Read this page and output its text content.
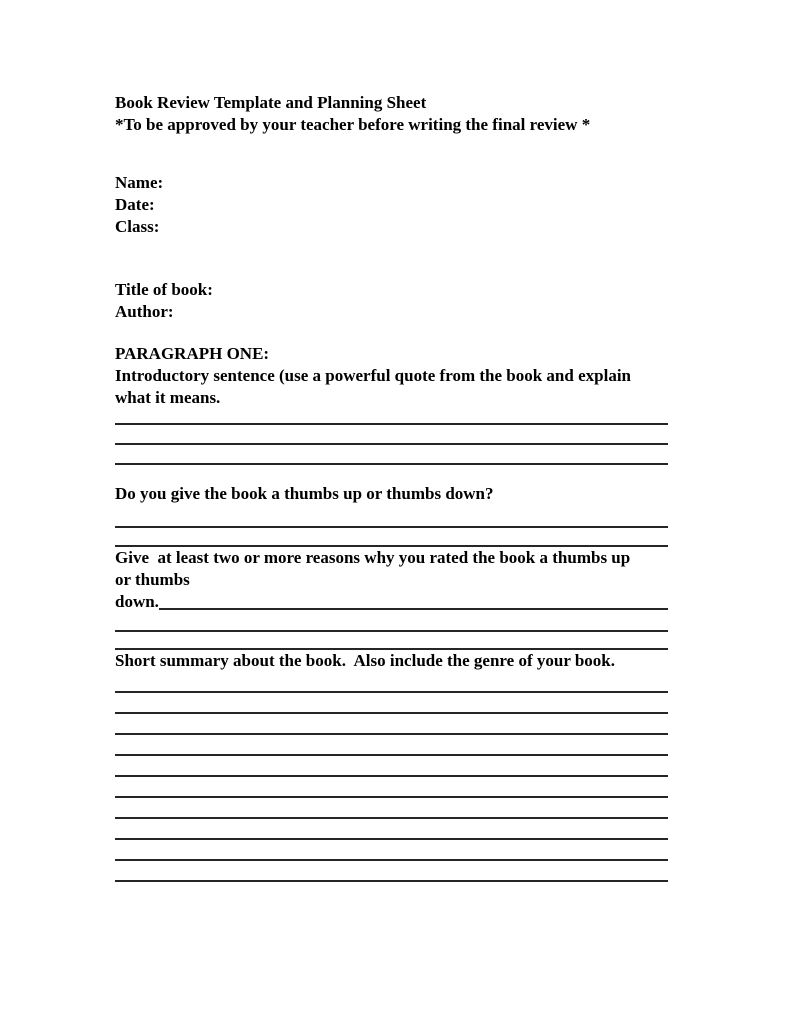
Book Review Template and Planning Sheet
*To be approved by your teacher before writing the final review *
Name:
Date:
Class:
Title of book:
Author:
PARAGRAPH ONE:
Introductory sentence (use a powerful quote from the book and explain
what it means.
Do you give the book a thumbs up or thumbs down?
Give  at least two or more reasons why you rated the book a thumbs up
or thumbs
down.
Short summary about the book.  Also include the genre of your book.
